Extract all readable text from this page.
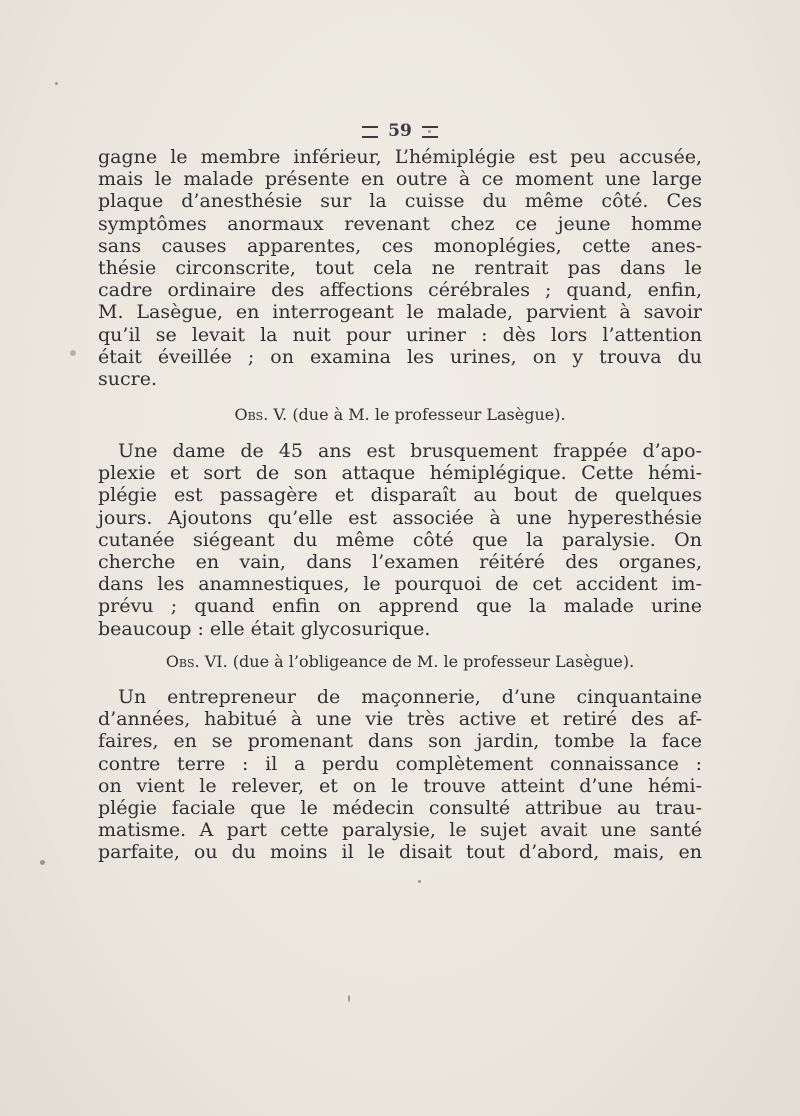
59
gagne le membre inférieur, L’hémiplégie est peu accusée,
mais le malade présente en outre à ce moment une large
plaque d’anesthésie sur la cuisse du même côté. Ces
symptômes anormaux revenant chez ce jeune homme
sans causes apparentes, ces monoplégies, cette anes-
thésie circonscrite, tout cela ne rentrait pas dans le
cadre ordinaire des affections cérébrales ; quand, enfin,
M. Lasègue, en interrogeant le malade, parvient à savoir
qu’il se levait la nuit pour uriner : dès lors l’attention
était éveillée ; on examina les urines, on y trouva du
sucre.
Obs. V. (due à M. le professeur Lasègue).
Une dame de 45 ans est brusquement frappée d’apo-
plexie et sort de son attaque hémiplégique. Cette hémi-
plégie est passagère et disparaît au bout de quelques
jours. Ajoutons qu’elle est associée à une hyperesthésie
cutanée siégeant du même côté que la paralysie. On
cherche en vain, dans l’examen réitéré des organes,
dans les anamnestiques, le pourquoi de cet accident im-
prévu ; quand enfin on apprend que la malade urine
beaucoup : elle était glycosurique.
Obs. VI. (due à l’obligeance de M. le professeur Lasègue).
Un entrepreneur de maçonnerie, d’une cinquantaine
d’années, habitué à une vie très active et retiré des af-
faires, en se promenant dans son jardin, tombe la face
contre terre : il a perdu complètement connaissance :
on vient le relever, et on le trouve atteint d’une hémi-
plégie faciale que le médecin consulté attribue au trau-
matisme. A part cette paralysie, le sujet avait une santé
parfaite, ou du moins il le disait tout d’abord, mais, en
